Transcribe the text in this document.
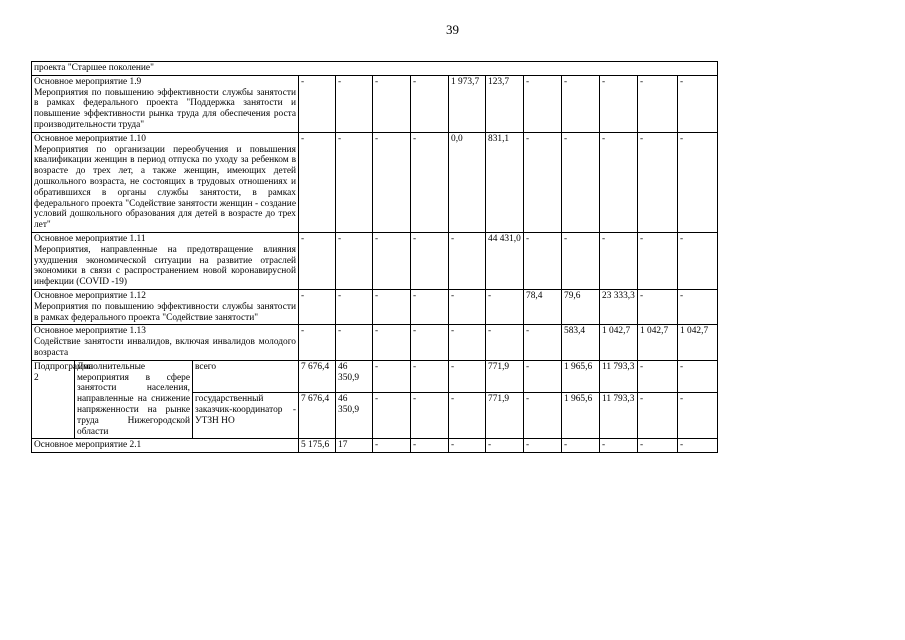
39
проекта "Старшее поколение"													

Основное мероприятие 1.9
Мероприятия по повышению эффективности службы занятости в рамках федерального проекта "Поддержка занятости и повышение эффективности рынка труда для обеспечения роста производительности труда"			-	-	-	-	1 973,7	123,7	-	-	-	-	-

Основное мероприятие 1.10
Мероприятия по организации переобучения и повышения квалификации женщин в период отпуска по уходу за ребенком в возрасте до трех лет, а также женщин, имеющих детей дошкольного возраста, не состоящих в трудовых отношениях и обратившихся в органы службы занятости, в рамках федерального проекта "Содействие занятости женщин - создание условий дошкольного образования для детей в возрасте до трех лет"			-	-	-	-	0,0	831,1	-	-	-	-	-

Основное мероприятие 1.11
Мероприятия, направленные на предотвращение влияния ухудшения экономической ситуации на развитие отраслей экономики в связи с распространением новой коронавирусной инфекции (COVID -19)			-	-	-	-	-	44 431,0	-	-	-	-	-

Основное мероприятие 1.12
Мероприятия по повышению эффективности службы занятости в рамках федерального проекта "Содействие занятости"			-	-	-	-	-	-	78,4	79,6	23 333,3	-	-

Основное мероприятие 1.13
Содействие занятости инвалидов, включая инвалидов молодого возраста			-	-	-	-	-	-	-	583,4	1 042,7	1 042,7	1 042,7
Подпрограмма 2	Дополнительные мероприятия в сфере занятости населения, направленные на снижение напряженности на рынке труда Нижегородской области	всего	7 676,4	46 350,9	-	-	-	771,9	-	1 965,6	11 793,3	-	-
		государственный заказчик-координатор - УТЗН НО	7 676,4	46 350,9	-	-	-	771,9	-	1 965,6	11 793,3	-	-
Основное мероприятие 2.1			5 175,6	17	-	-	-	-	-	-	-	-	-
